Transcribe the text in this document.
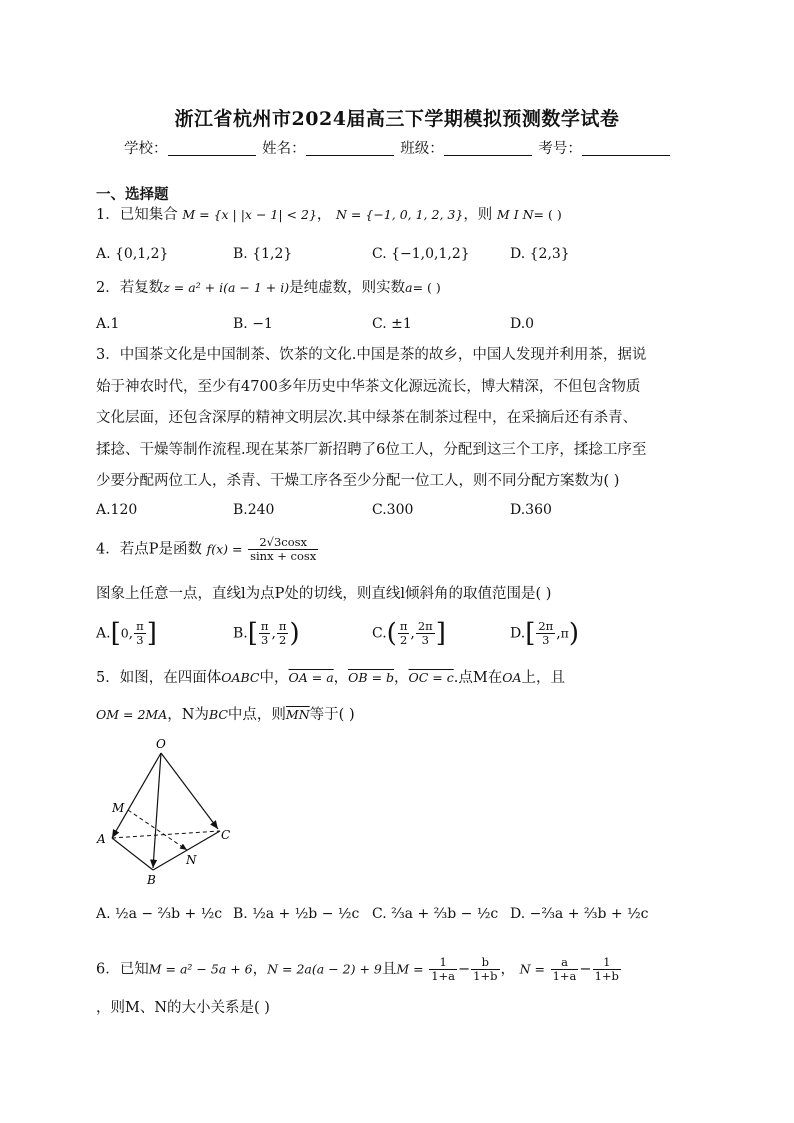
浙江省杭州市2024届高三下学期模拟预测数学试卷
学校：	姓名：	班级：	考号：
一、选择题
1．已知集合 M = {x | |x − 1| < 2}， N = {−1, 0, 1, 2, 3}，则 M I N= ( )
A. {0,1,2}	B. {1,2}	C. {−1,0,1,2}	D. {2,3}
2．若复数z = a² + i(a − 1 + i)是纯虚数，则实数a= ( )
A.1	B. −1	C. ±1	D.0
3．中国茶文化是中国制茶、饮茶的文化.中国是茶的故乡，中国人发现并利用茶，据说
始于神农时代，至少有4700多年历史中华茶文化源远流长，博大精深，不但包含物质
文化层面，还包含深厚的精神文明层次.其中绿茶在制茶过程中，在采摘后还有杀青、
揉捻、干燥等制作流程.现在某茶厂新招聘了6位工人，分配到这三个工序，揉捻工序至
少要分配两位工人，杀青、干燥工序各至少分配一位工人，则不同分配方案数为( )
A.120	B.240	C.300	D.360
4．若点P是函数 $f(x) = \frac{2√3\cos x}{\sin x + \cos x}$
图象上任意一点，直线l为点P处的切线，则直线l倾斜角的取值范围是( )
A.[0, $\frac{\pi}{3}$ ]	$B.[ \frac{\pi}{3}$ , $\frac{\pi}{2}$ )	$C.( \frac{\pi}{2}$ , $\frac{2\pi}{3}$ ]	$D.[ \frac{2\pi}{3} ,\pi)$
5．如图，在四面体OABC中，OA = a，OB = b，OC = c.点M在OA上，且
OM = 2MA，N为BC中点，则$\overline{MN}$等于( )
O
M
A
B
C
N
A. ½a − ⅔b + ½c B. ½a + ½b − ½c C. ⅔a + ⅔b − ½c D. −⅔a + ⅔b + ½c
6．已知M = a² − 5a + 6，N = 2a(a − 2) + 9且$M = \frac{1}{1+a} - \frac{b}{1+b}$ ， $N = \frac{a}{1+a} - \frac{1}{1+b}$
，则M、N的大小关系是( )
